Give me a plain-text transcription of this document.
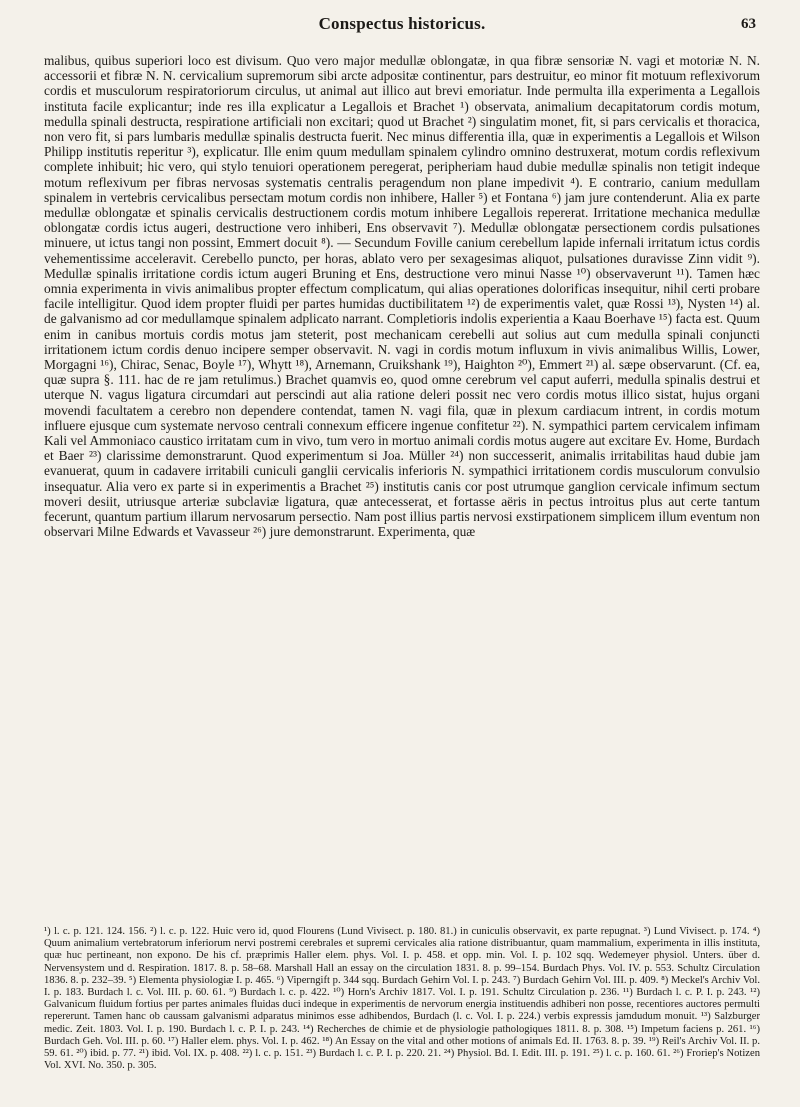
Conspectus historicus.	63

malibus, quibus superiori loco est divisum. Quo vero major medullæ oblongatæ, in qua fibræ sensoriæ N. vagi et motoriæ N. N. accessorii et fibræ N. N. cervicalium supremorum sibi arcte adpositæ continentur, pars destruitur, eo minor fit motuum reflexivorum cordis et musculorum respiratoriorum circulus, ut animal aut illico aut brevi emoriatur. Inde permulta illa experimenta a Legallois instituta facile explicantur; inde res illa explicatur a Legallois et Brachet ¹) observata, animalium decapitatorum cordis motum, medulla spinali destructa, respiratione artificiali non excitari; quod ut Brachet ²) singulatim monet, fit, si pars cervicalis et thoracica, non vero fit, si pars lumbaris medullæ spinalis destructa fuerit. Nec minus differentia illa, quæ in experimentis a Legallois et Wilson Philipp institutis reperitur ³), explicatur. Ille enim quum medullam spinalem cylindro omnino destruxerat, motum cordis reflexivum complete inhibuit; hic vero, qui stylo tenuiori operationem peregerat, peripheriam haud dubie medullæ spinalis non tetigit indeque motum reflexivum per fibras nervosas systematis centralis peragendum non plane impedivit ⁴). E contrario, canium medullam spinalem in vertebris cervicalibus persectam motum cordis non inhibere, Haller ⁵) et Fontana ⁶) jam jure contenderunt. Alia ex parte medullæ oblongatæ et spinalis cervicalis destructionem cordis motum inhibere Legallois repererat. Irritatione mechanica medullæ oblongatæ cordis ictus augeri, destructione vero inhiberi, Ens observavit ⁷). Medullæ oblongatæ persectionem cordis pulsationes minuere, ut ictus tangi non possint, Emmert docuit ⁸). — Secundum Foville canium cerebellum lapide infernali irritatum ictus cordis vehementissime acceleravit. Cerebello puncto, per horas, ablato vero per sexagesimas aliquot, pulsationes duravisse Zinn vidit ⁹). Medullæ spinalis irritatione cordis ictum augeri Bruning et Ens, destructione vero minui Nasse ¹⁰) observaverunt ¹¹). Tamen hæc omnia experimenta in vivis animalibus propter effectum complicatum, qui alias operationes dolorificas insequitur, nihil certi probare facile intelligitur. Quod idem propter fluidi per partes humidas ductibilitatem ¹²) de experimentis valet, quæ Rossi ¹³), Nysten ¹⁴) al. de galvanismo ad cor medullamque spinalem adplicato narrant. Completioris indolis experientia a Kaau Boerhave ¹⁵) facta est. Quum enim in canibus mortuis cordis motus jam steterit, post mechanicam cerebelli aut solius aut cum medulla spinali conjuncti irritationem ictum cordis denuo incipere semper observavit. N. vagi in cordis motum influxum in vivis animalibus Willis, Lower, Morgagni ¹⁶), Chirac, Senac, Boyle ¹⁷), Whytt ¹⁸), Arnemann, Cruikshank ¹⁹), Haighton ²⁰), Emmert ²¹) al. sæpe observarunt. (Cf. ea, quæ supra §. 111. hac de re jam retulimus.) Brachet quamvis eo, quod omne cerebrum vel caput auferri, medulla spinalis destrui et uterque N. vagus ligatura circumdari aut perscindi aut alia ratione deleri possit nec vero cordis motus illico sistat, hujus organi movendi facultatem a cerebro non dependere contendat, tamen N. vagi fila, quæ in plexum cardiacum intrent, in cordis motum influere ejusque cum systemate nervoso centrali connexum efficere ingenue confitetur ²²). N. sympathici partem cervicalem infimam Kali vel Ammoniaco caustico irritatam cum in vivo, tum vero in mortuo animali cordis motus augere aut excitare Ev. Home, Burdach et Baer ²³) clarissime demonstrarunt. Quod experimentum si Joa. Müller ²⁴) non successerit, animalis irritabilitas haud dubie jam evanuerat, quum in cadavere irritabili cuniculi ganglii cervicalis inferioris N. sympathici irritationem cordis musculorum convulsio insequatur. Alia vero ex parte si in experimentis a Brachet ²⁵) institutis canis cor post utrumque ganglion cervicale infimum sectum moveri desiit, utriusque arteriæ subclaviæ ligatura, quæ antecesserat, et fortasse aëris in pectus introitus plus aut certe tantum fecerunt, quantum partium illarum nervosarum persectio. Nam post illius partis nervosi exstirpationem simplicem illum eventum non observari Milne Edwards et Vavasseur ²⁶) jure demonstrarunt. Experimenta, quæ

¹) l. c. p. 121. 124. 156. ²) l. c. p. 122. Huic vero id, quod Flourens (Lund Vivisect. p. 180. 81.) in cuniculis observavit, ex parte repugnat. ³) Lund Vivisect. p. 174. ⁴) Quum animalium vertebratorum inferiorum nervi postremi cerebrales et supremi cervicales alia ratione distribuantur, quam mammalium, experimenta in illis instituta, quæ huc pertineant, non expono. De his cf. præprimis Haller elem. phys. Vol. I. p. 458. et opp. min. Vol. I. p. 102 sqq. Wedemeyer physiol. Unters. über d. Nervensystem und d. Respiration. 1817. 8. p. 58–68. Marshall Hall an essay on the circulation 1831. 8. p. 99–154. Burdach Phys. Vol. IV. p. 553. Schultz Circulation 1836. 8. p. 232–39. ⁵) Elementa physiologiæ I. p. 465. ⁶) Viperngift p. 344 sqq. Burdach Gehirn Vol. I. p. 243. ⁷) Burdach Gehirn Vol. III. p. 409. ⁸) Meckel's Archiv Vol. I. p. 183. Burdach l. c. Vol. III. p. 60. 61. ⁹) Burdach l. c. p. 422. ¹⁰) Horn's Archiv 1817. Vol. I. p. 191. Schultz Circulation p. 236. ¹¹) Burdach l. c. P. I. p. 243. ¹²) Galvanicum fluidum fortius per partes animales fluidas duci indeque in experimentis de nervorum energia instituendis adhiberi non posse, recentiores auctores permulti repererunt. Tamen hanc ob caussam galvanismi adparatus minimos esse adhibendos, Burdach (l. c. Vol. I. p. 224.) verbis expressis jamdudum monuit. ¹³) Salzburger medic. Zeit. 1803. Vol. I. p. 190. Burdach l. c. P. I. p. 243. ¹⁴) Recherches de chimie et de physiologie pathologiques 1811. 8. p. 308. ¹⁵) Impetum faciens p. 261. ¹⁶) Burdach Geh. Vol. III. p. 60. ¹⁷) Haller elem. phys. Vol. I. p. 462. ¹⁸) An Essay on the vital and other motions of animals Ed. II. 1763. 8. p. 39. ¹⁹) Reil's Archiv Vol. II. p. 59. 61. ²⁰) ibid. p. 77. ²¹) ibid. Vol. IX. p. 408. ²²) l. c. p. 151. ²³) Burdach l. c. P. I. p. 220. 21. ²⁴) Physiol. Bd. I. Edit. III. p. 191. ²⁵) l. c. p. 160. 61. ²⁶) Froriep's Notizen Vol. XVI. No. 350. p. 305.
